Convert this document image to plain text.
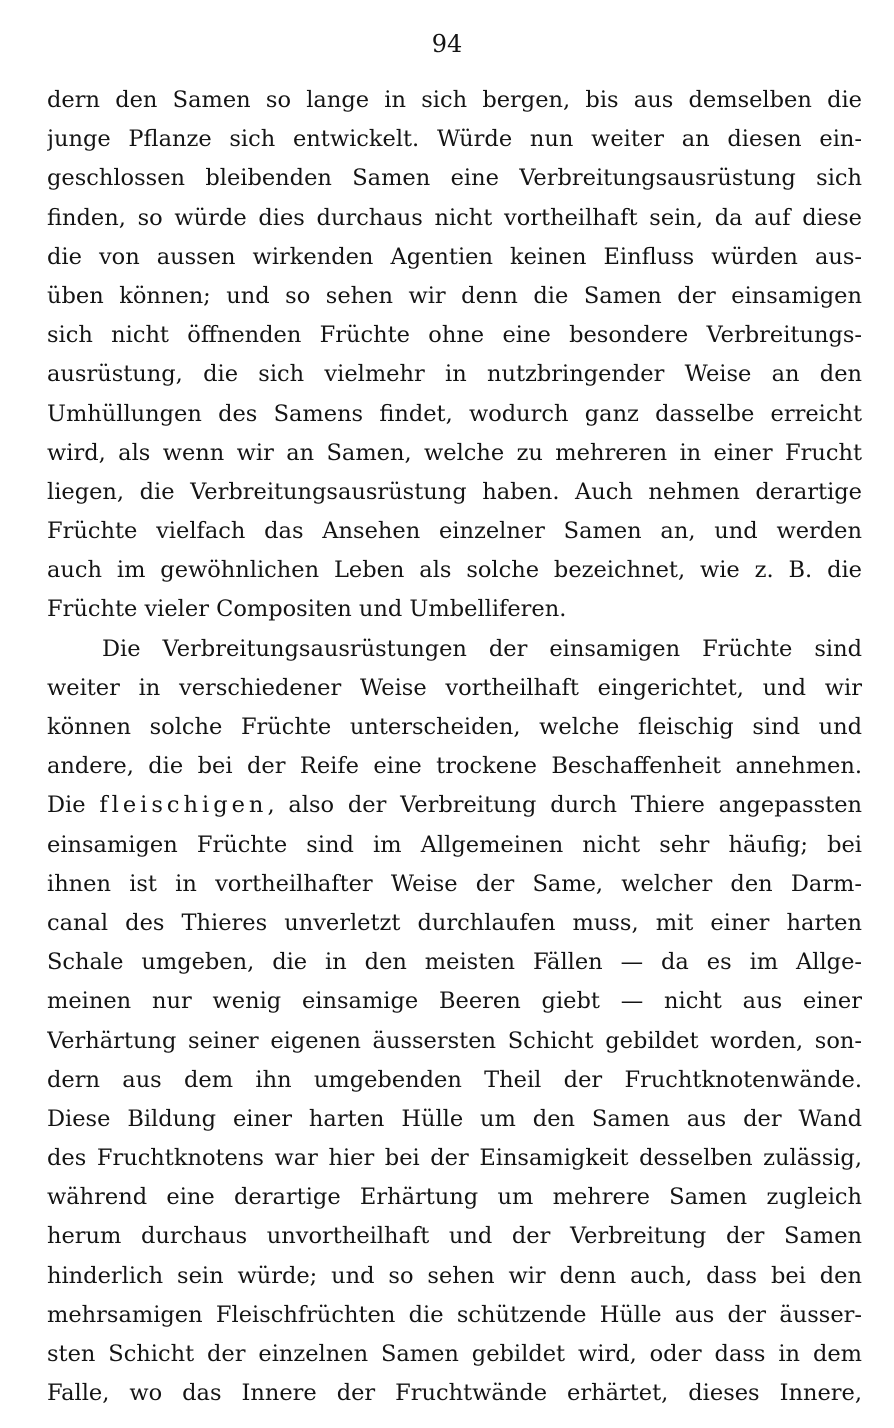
94
dern den Samen so lange in sich bergen, bis aus demselben die
junge Pflanze sich entwickelt. Würde nun weiter an diesen ein-
geschlossen bleibenden Samen eine Verbreitungsausrüstung sich
finden, so würde dies durchaus nicht vortheilhaft sein, da auf diese
die von aussen wirkenden Agentien keinen Einfluss würden aus-
üben können; und so sehen wir denn die Samen der einsamigen
sich nicht öffnenden Früchte ohne eine besondere Verbreitungs-
ausrüstung, die sich vielmehr in nutzbringender Weise an den
Umhüllungen des Samens findet, wodurch ganz dasselbe erreicht
wird, als wenn wir an Samen, welche zu mehreren in einer Frucht
liegen, die Verbreitungsausrüstung haben. Auch nehmen derartige
Früchte vielfach das Ansehen einzelner Samen an, und werden
auch im gewöhnlichen Leben als solche bezeichnet, wie z. B. die
Früchte vieler Compositen und Umbelliferen.
Die Verbreitungsausrüstungen der einsamigen Früchte sind
weiter in verschiedener Weise vortheilhaft eingerichtet, und wir
können solche Früchte unterscheiden, welche fleischig sind und
andere, die bei der Reife eine trockene Beschaffenheit annehmen.
Die fleischigen, also der Verbreitung durch Thiere angepassten
einsamigen Früchte sind im Allgemeinen nicht sehr häufig; bei
ihnen ist in vortheilhafter Weise der Same, welcher den Darm-
canal des Thieres unverletzt durchlaufen muss, mit einer harten
Schale umgeben, die in den meisten Fällen — da es im Allge-
meinen nur wenig einsamige Beeren giebt — nicht aus einer
Verhärtung seiner eigenen äussersten Schicht gebildet worden, son-
dern aus dem ihn umgebenden Theil der Fruchtknotenwände.
Diese Bildung einer harten Hülle um den Samen aus der Wand
des Fruchtknotens war hier bei der Einsamigkeit desselben zulässig,
während eine derartige Erhärtung um mehrere Samen zugleich
herum durchaus unvortheilhaft und der Verbreitung der Samen
hinderlich sein würde; und so sehen wir denn auch, dass bei den
mehrsamigen Fleischfrüchten die schützende Hülle aus der äusser-
sten Schicht der einzelnen Samen gebildet wird, oder dass in dem
Falle, wo das Innere der Fruchtwände erhärtet, dieses Innere,
